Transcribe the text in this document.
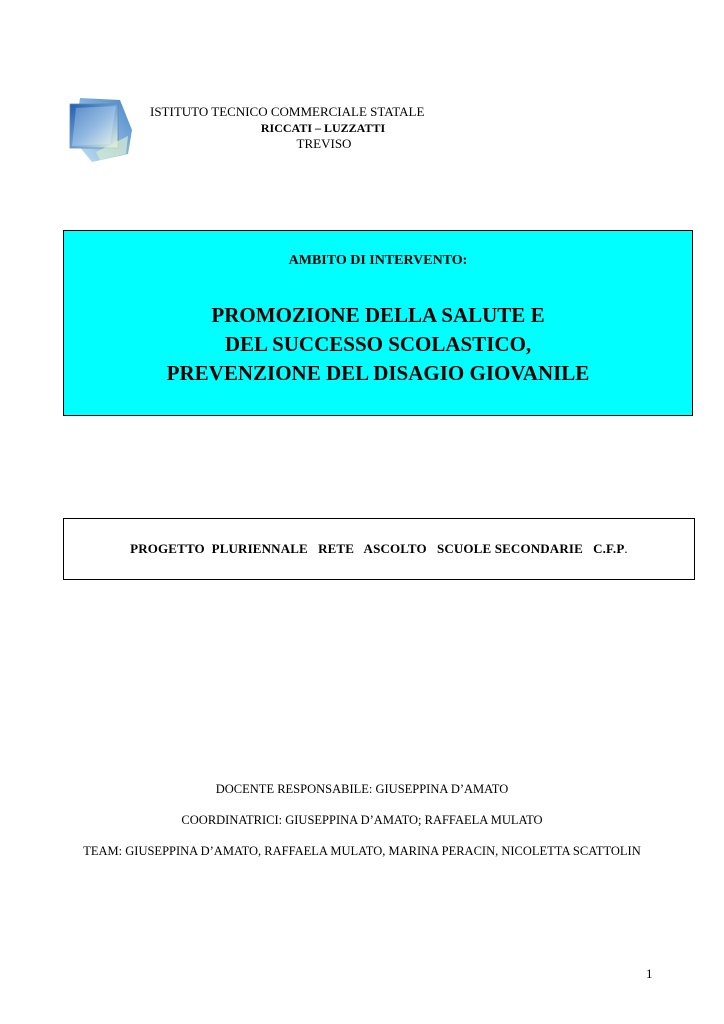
ISTITUTO TECNICO COMMERCIALE STATALE
RICCATI – LUZZATTI
TREVISO
AMBITO DI INTERVENTO:
PROMOZIONE DELLA SALUTE E
DEL SUCCESSO SCOLASTICO,
PREVENZIONE DEL DISAGIO GIOVANILE
PROGETTO  PLURIENNALE   RETE   ASCOLTO   SCUOLE SECONDARIE   C.F.P .
DOCENTE RESPONSABILE: GIUSEPPINA D’AMATO
COORDINATRICI: GIUSEPPINA D’AMATO; RAFFAELA MULATO
TEAM: GIUSEPPINA D’AMATO, RAFFAELA MULATO, MARINA PERACIN, NICOLETTA SCATTOLIN
1
